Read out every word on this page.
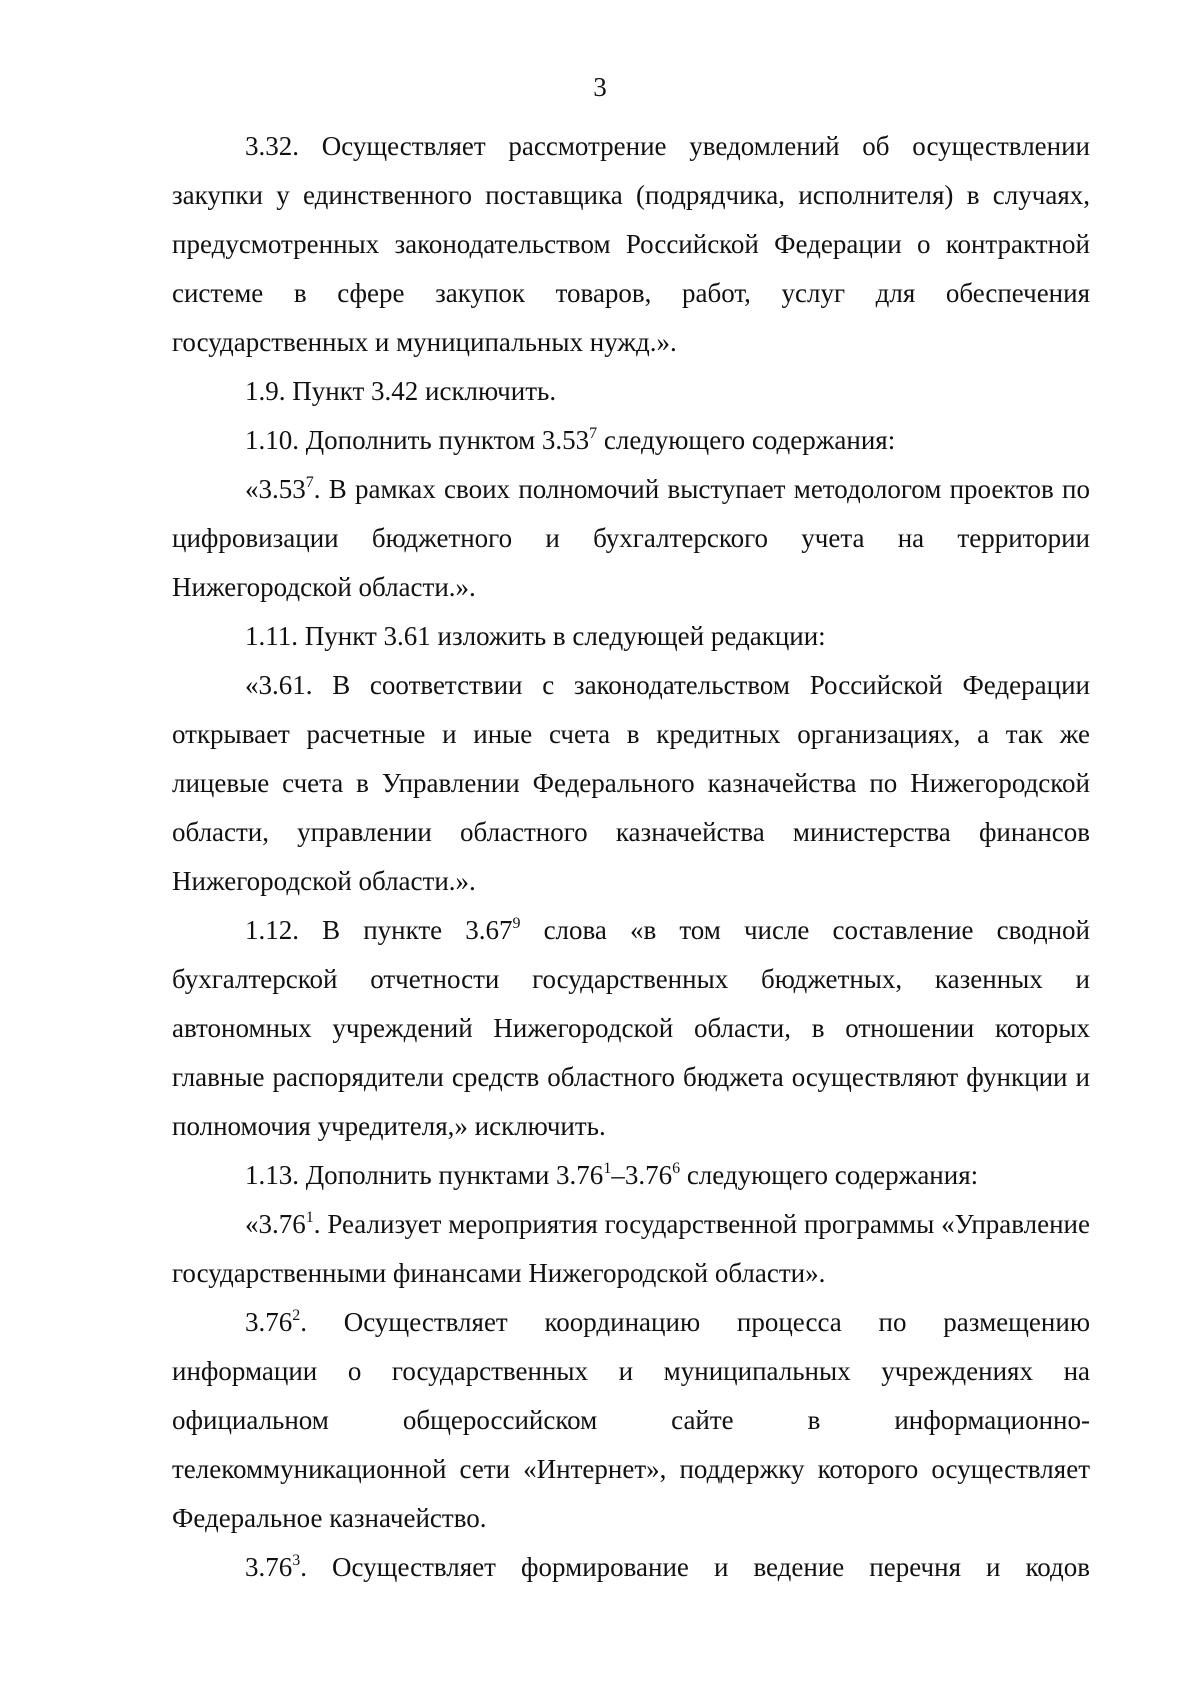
3

3.32. Осуществляет рассмотрение уведомлений об осуществлении закупки у единственного поставщика (подрядчика, исполнителя) в случаях, предусмотренных законодательством Российской Федерации о контрактной системе в сфере закупок товаров, работ, услуг для обеспечения государственных и муниципальных нужд.».

1.9. Пункт 3.42 исключить.

1.10. Дополнить пунктом 3.53$^7$ следующего содержания:

«3.53$^7$. В рамках своих полномочий выступает методологом проектов по цифровизации бюджетного и бухгалтерского учета на территории Нижегородской области.».

1.11. Пункт 3.61 изложить в следующей редакции:

«3.61. В соответствии с законодательством Российской Федерации открывает расчетные и иные счета в кредитных организациях, а так же лицевые счета в Управлении Федерального казначейства по Нижегородской области, управлении областного казначейства министерства финансов Нижегородской области.».

1.12. В пункте 3.67$^9$ слова «в том числе составление сводной бухгалтерской отчетности государственных бюджетных, казенных и автономных учреждений Нижегородской области, в отношении которых главные распорядители средств областного бюджета осуществляют функции и полномочия учредителя,» исключить.

1.13. Дополнить пунктами 3.76$^1$–3.76$^6$ следующего содержания:

«3.76$^1$. Реализует мероприятия государственной программы «Управление государственными финансами Нижегородской области».

3.76$^2$. Осуществляет координацию процесса по размещению информации о государственных и муниципальных учреждениях на официальном общероссийском сайте в информационно-телекоммуникационной сети «Интернет», поддержку которого осуществляет Федеральное казначейство.

3.76$^3$. Осуществляет формирование и ведение перечня и кодов
